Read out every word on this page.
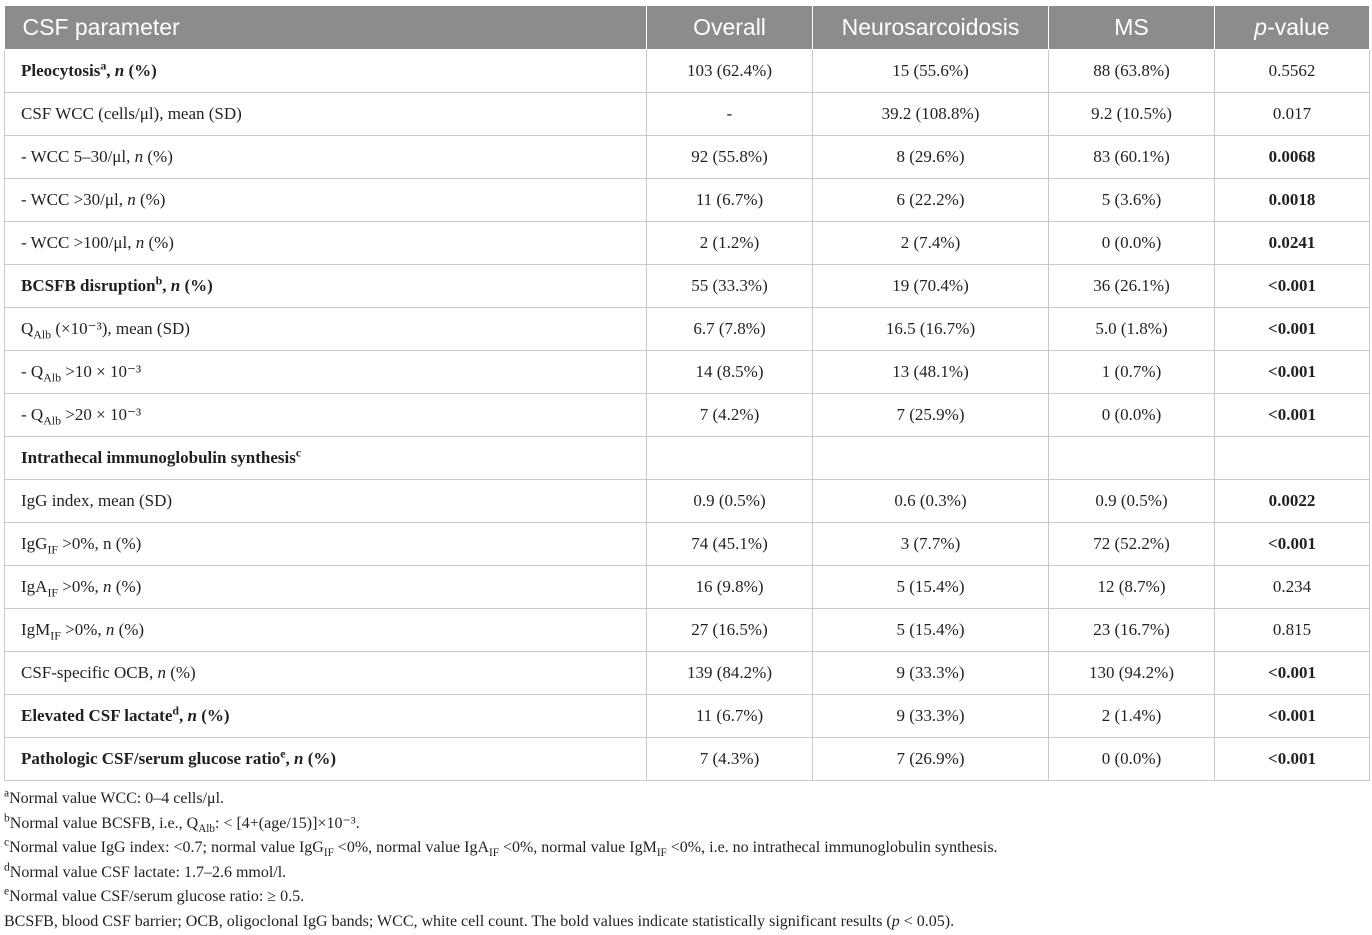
CSF parameter	Overall	Neurosarcoidosis	MS	p-value
Pleocytosis$^a$, n (%)	103 (62.4%)	15 (55.6%)	88 (63.8%)	0.5562
CSF WCC (cells/μl), mean (SD)	-	39.2 (108.8%)	9.2 (10.5%)	0.017
- WCC 5–30/μl, n (%)	92 (55.8%)	8 (29.6%)	83 (60.1%)	0.0068
- WCC >30/μl, n (%)	11 (6.7%)	6 (22.2%)	5 (3.6%)	0.0018
- WCC >100/μl, n (%)	2 (1.2%)	2 (7.4%)	0 (0.0%)	0.0241
BCSFB disruption$^b$, n (%)	55 (33.3%)	19 (70.4%)	36 (26.1%)	<0.001
$Q_{Alb}$ (×10⁻³), mean (SD)	6.7 (7.8%)	16.5 (16.7%)	5.0 (1.8%)	<0.001
- $Q_{Alb} >10 \times 10^{-3}$	14 (8.5%)	13 (48.1%)	1 (0.7%)	<0.001
- $Q_{Alb} >20 \times 10^{-3}$	7 (4.2%)	7 (25.9%)	0 (0.0%)	<0.001
Intrathecal immunoglobulin synthesis$^c$				
IgG index, mean (SD)	0.9 (0.5%)	0.6 (0.3%)	0.9 (0.5%)	0.0022
IgG$_{IF}$ >0%, n (%)	74 (45.1%)	3 (7.7%)	72 (52.2%)	<0.001
IgA$_{IF}$ >0%, n (%)	16 (9.8%)	5 (15.4%)	12 (8.7%)	0.234
IgM$_{IF}$ >0%, n (%)	27 (16.5%)	5 (15.4%)	23 (16.7%)	0.815
CSF-specific OCB, n (%)	139 (84.2%)	9 (33.3%)	130 (94.2%)	<0.001
Elevated CSF lactate$^d$, n (%)	11 (6.7%)	9 (33.3%)	2 (1.4%)	<0.001
Pathologic CSF/serum glucose ratio$^e$, n (%)	7 (4.3%)	7 (26.9%)	0 (0.0%)	<0.001
$^a$Normal value WCC: 0–4 cells/μl.
$^b$Normal value BCSFB, i.e., $Q_{Alb}$: < [4+(age/15)]×10⁻³.
$^c$Normal value IgG index: <0.7; normal value IgG$_{IF}$ <0%, normal value IgA$_{IF}$ <0%, normal value IgM$_{IF}$ <0%, i.e. no intrathecal immunoglobulin synthesis.
$^d$Normal value CSF lactate: 1.7–2.6 mmol/l.
$^e$Normal value CSF/serum glucose ratio: ≥ 0.5.
BCSFB, blood CSF barrier; OCB, oligoclonal IgG bands; WCC, white cell count. The bold values indicate statistically significant results (p < 0.05).
